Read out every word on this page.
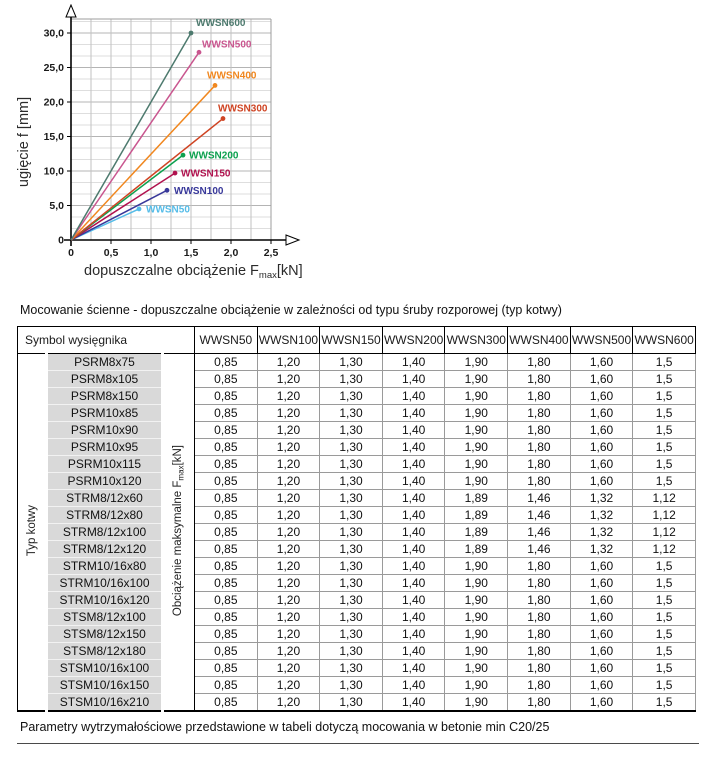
0	0,5 1,0 1,5 2,0 2,5
0
5,0
10,0
15,0
20,0
25,0
30,0
ugięcie f [mm]
dopuszczalne obciążenie $F_{max}[kN]$
WWSN50
WWSN100
WWSN150
WWSN200
WWSN300
WWSN400
WWSN500
WWSN600

Mocowanie ścienne - dopuszczalne obciążenie w zależności od typu śruby rozporowej (typ kotwy)

Symbol wysięgnika			WWSN50	WWSN100	WWSN150	WWSN200	WWSN300	WWSN400	WWSN500	WWSN600
Typ kotwy	PSRM8x75	Obciążenie maksymalne $F_{max}[kN]$	0,85	1,20	1,30	1,40	1,90	1,80	1,60	1,5
	PSRM8x105		0,85	1,20	1,30	1,40	1,90	1,80	1,60	1,5
	PSRM8x150		0,85	1,20	1,30	1,40	1,90	1,80	1,60	1,5
	PSRM10x85		0,85	1,20	1,30	1,40	1,90	1,80	1,60	1,5
	PSRM10x90		0,85	1,20	1,30	1,40	1,90	1,80	1,60	1,5
	PSRM10x95		0,85	1,20	1,30	1,40	1,90	1,80	1,60	1,5
	PSRM10x115		0,85	1,20	1,30	1,40	1,90	1,80	1,60	1,5
	PSRM10x120		0,85	1,20	1,30	1,40	1,90	1,80	1,60	1,5
	STRM8/12x60		0,85	1,20	1,30	1,40	1,89	1,46	1,32	1,12
	STRM8/12x80		0,85	1,20	1,30	1,40	1,89	1,46	1,32	1,12
	STRM8/12x100		0,85	1,20	1,30	1,40	1,89	1,46	1,32	1,12
	STRM8/12x120		0,85	1,20	1,30	1,40	1,89	1,46	1,32	1,12
	STRM10/16x80		0,85	1,20	1,30	1,40	1,90	1,80	1,60	1,5
	STRM10/16x100		0,85	1,20	1,30	1,40	1,90	1,80	1,60	1,5
	STRM10/16x120		0,85	1,20	1,30	1,40	1,90	1,80	1,60	1,5
	STSM8/12x100		0,85	1,20	1,30	1,40	1,90	1,80	1,60	1,5
	STSM8/12x150		0,85	1,20	1,30	1,40	1,90	1,80	1,60	1,5
	STSM8/12x180		0,85	1,20	1,30	1,40	1,90	1,80	1,60	1,5
	STSM10/16x100		0,85	1,20	1,30	1,40	1,90	1,80	1,60	1,5
	STSM10/16x150		0,85	1,20	1,30	1,40	1,90	1,80	1,60	1,5
	STSM10/16x210		0,85	1,20	1,30	1,40	1,90	1,80	1,60	1,5

Parametry wytrzymałościowe przedstawione w tabeli dotyczą mocowania w betonie min C20/25
